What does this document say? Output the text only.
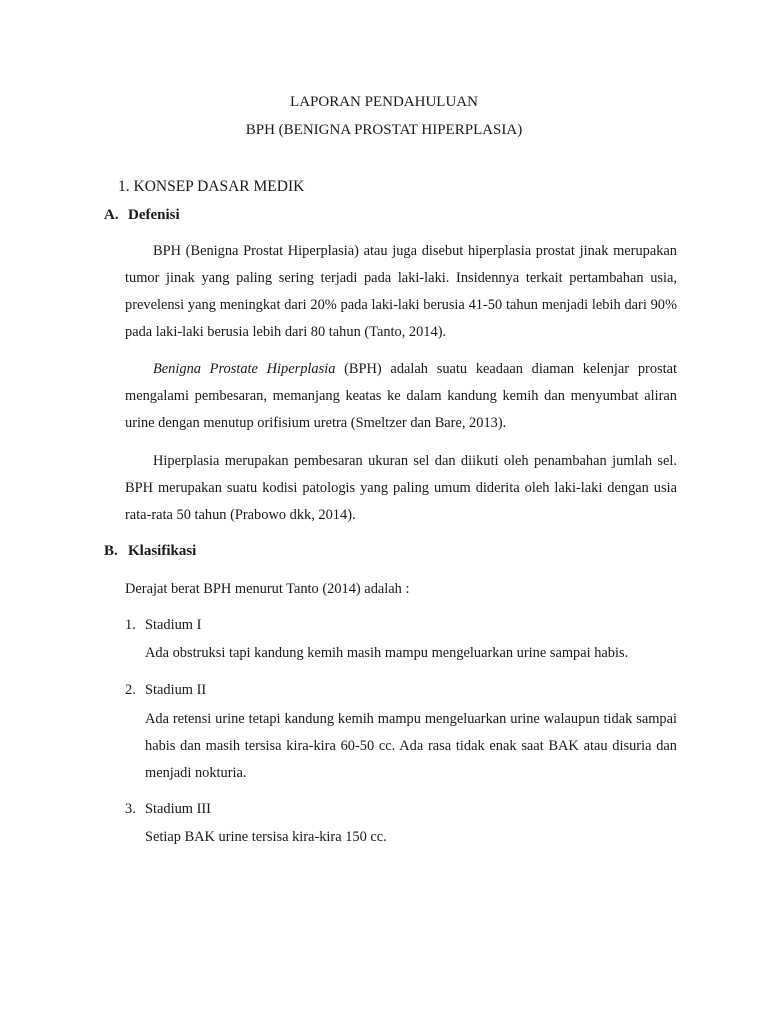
LAPORAN PENDAHULUAN
BPH (BENIGNA PROSTAT HIPERPLASIA)
1. KONSEP DASAR MEDIK
A. Defenisi

BPH (Benigna Prostat Hiperplasia) atau juga disebut hiperplasia prostat jinak merupakan tumor jinak yang paling sering terjadi pada laki-laki. Insidennya terkait pertambahan usia, prevelensi yang meningkat dari 20% pada laki-laki berusia 41-50 tahun menjadi lebih dari 90% pada laki-laki berusia lebih dari 80 tahun (Tanto, 2014).

Benigna Prostate Hiperplasia (BPH) adalah suatu keadaan diaman kelenjar prostat mengalami pembesaran, memanjang keatas ke dalam kandung kemih dan menyumbat aliran urine dengan menutup orifisium uretra (Smeltzer dan Bare, 2013).

Hiperplasia merupakan pembesaran ukuran sel dan diikuti oleh penambahan jumlah sel. BPH merupakan suatu kodisi patologis yang paling umum diderita oleh laki-laki dengan usia rata-rata 50 tahun (Prabowo dkk, 2014).

B. Klasifikasi
Derajat berat BPH menurut Tanto (2014) adalah :
1. Stadium I

Ada obstruksi tapi kandung kemih masih mampu mengeluarkan urine sampai habis.

2. Stadium II

Ada retensi urine tetapi kandung kemih mampu mengeluarkan urine walaupun tidak sampai habis dan masih tersisa kira-kira 60-50 cc. Ada rasa tidak enak saat BAK atau disuria dan menjadi nokturia.

3. Stadium III

Setiap BAK urine tersisa kira-kira 150 cc.
